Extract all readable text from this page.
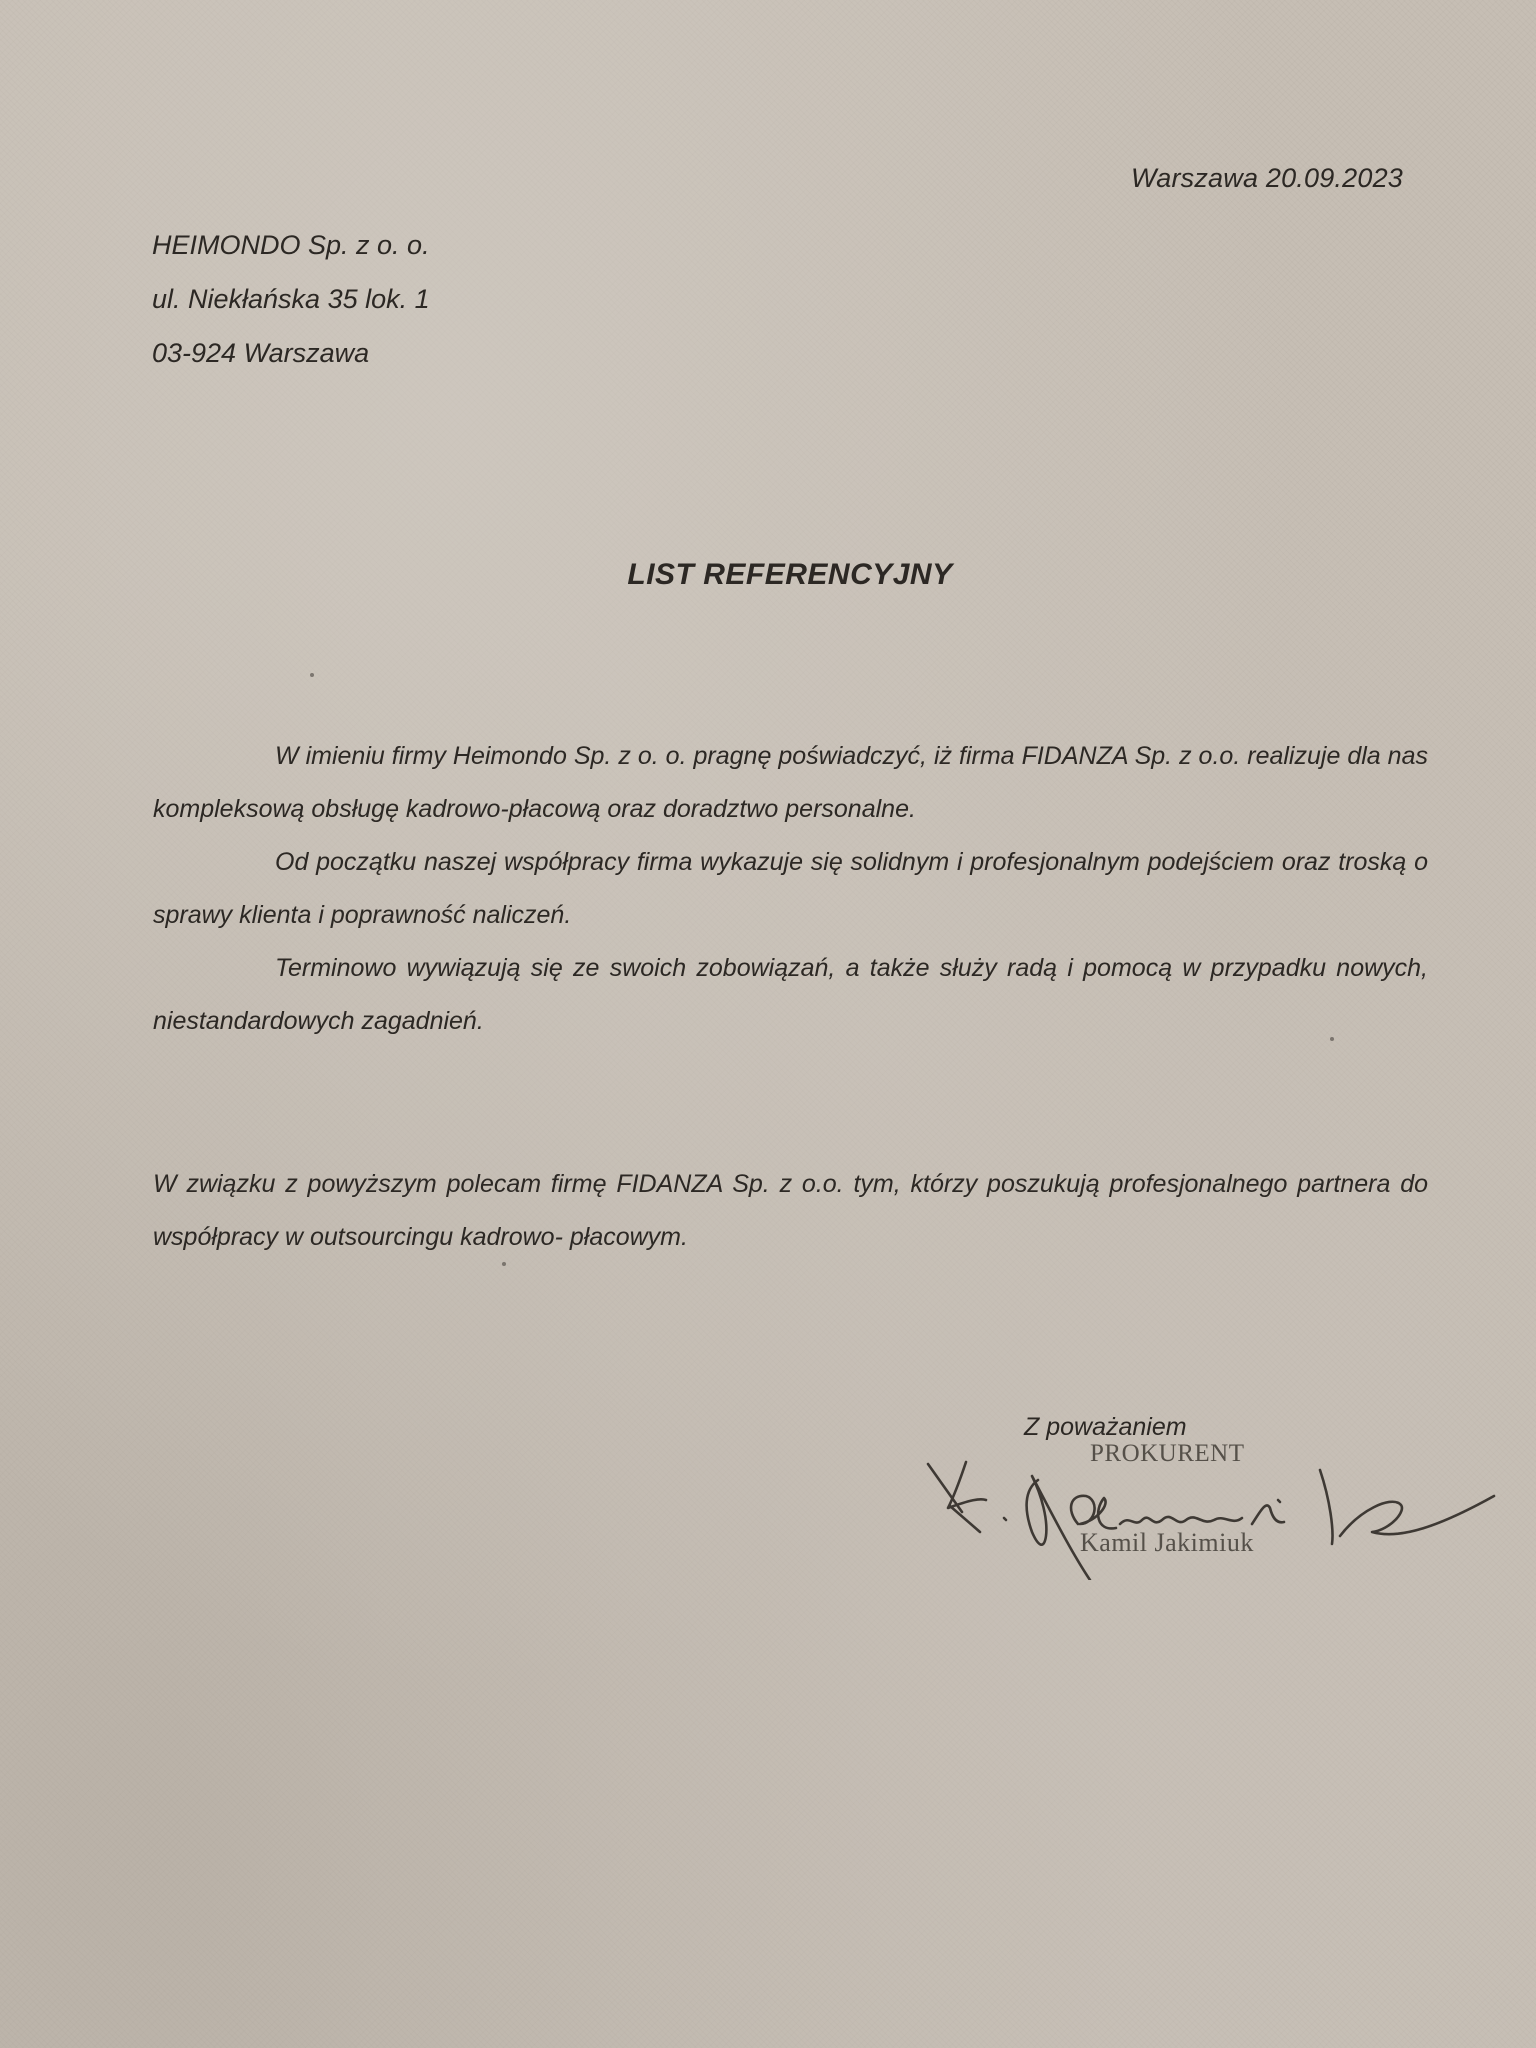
Warszawa 20.09.2023
HEIMONDO Sp. z o. o.
ul. Niekłańska 35 lok. 1
03-924 Warszawa
LIST REFERENCYJNY

W imieniu firmy Heimondo Sp. z o. o. pragnę poświadczyć, iż firma FIDANZA Sp. z o.o. realizuje dla nas kompleksową obsługę kadrowo-płacową oraz doradztwo personalne.

Od początku naszej współpracy firma wykazuje się solidnym i profesjonalnym podejściem oraz troską o sprawy klienta i poprawność naliczeń.

Terminowo wywiązują się ze swoich zobowiązań, a także służy radą i pomocą w przypadku nowych, niestandardowych zagadnień.

W związku z powyższym polecam firmę FIDANZA Sp. z o.o. tym, którzy poszukują profesjonalnego partnera do współpracy w outsourcingu kadrowo- płacowym.

Z poważaniem
PROKURENT
Kamil Jakimiuk
